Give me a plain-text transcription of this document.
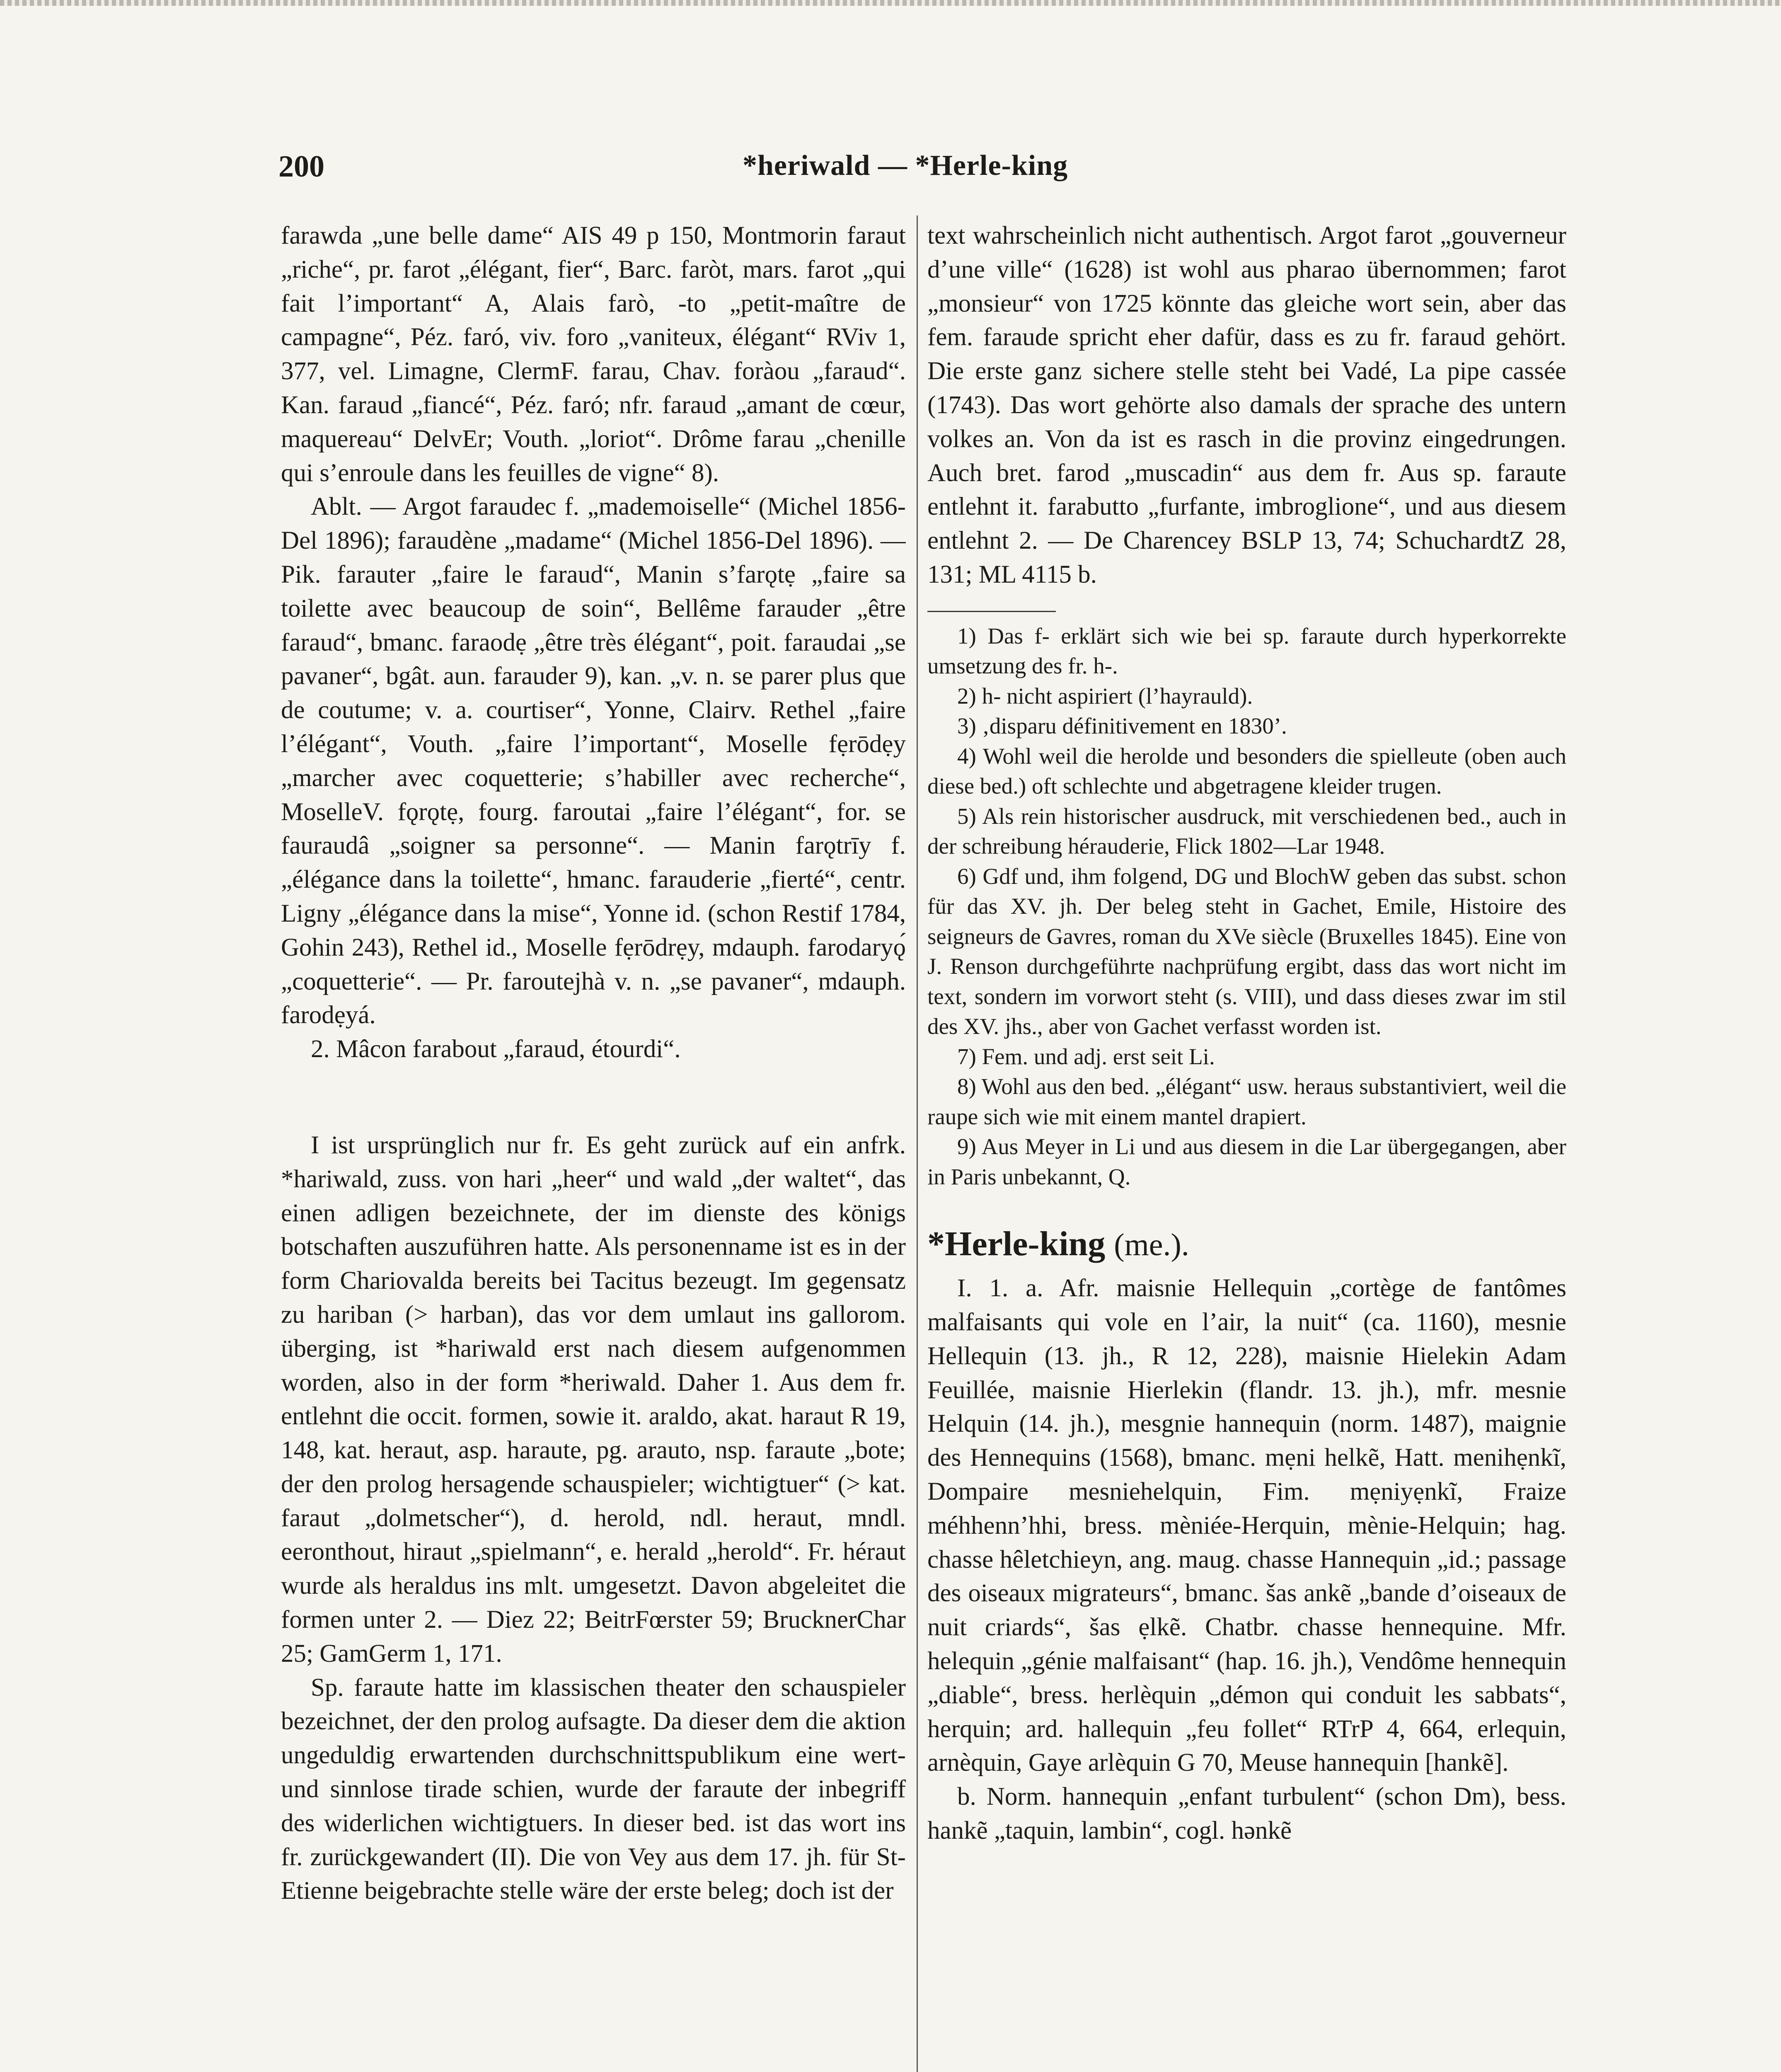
200	*heriwald — *Herle-king

farawda „une belle dame“ AIS 49 p 150, Montmorin faraut „riche“, pr. farot „élégant, fier“, Barc. faròt, mars. farot „qui fait l’important“ A, Alais farò, -to „petit-maître de campagne“, Péz. faró, viv. foro „vaniteux, élégant“ RViv 1, 377, vel. Limagne, ClermF. farau, Chav. foràou „faraud“. Kan. faraud „fiancé“, Péz. faró; nfr. faraud „amant de cœur, maquereau“ DelvEr; Vouth. „loriot“. Drôme farau „chenille qui s’enroule dans les feuilles de vigne“ 8).

Ablt. — Argot faraudec f. „mademoiselle“ (Michel 1856-Del 1896); faraudène „madame“ (Michel 1856-Del 1896). — Pik. farauter „faire le faraud“, Manin s’farǫtẹ „faire sa toilette avec beaucoup de soin“, Bellême farauder „être faraud“, bmanc. faraodẹ „être très élégant“, poit. faraudai „se pavaner“, bgât. aun. farauder 9), kan. „v. n. se parer plus que de coutume; v. a. courtiser“, Yonne, Clairv. Rethel „faire l’élégant“, Vouth. „faire l’important“, Moselle fẹrōdẹy „marcher avec coquetterie; s’habiller avec recherche“, MoselleV. fǫrǫtẹ, fourg. faroutai „faire l’élégant“, for. se fauraudâ „soigner sa personne“. — Manin farǫtrīy f. „élégance dans la toilette“, hmanc. farauderie „fierté“, centr. Ligny „élégance dans la mise“, Yonne id. (schon Restif 1784, Gohin 243), Rethel id., Moselle fẹrōdrẹy, mdauph. farodaryǫ́ „coquetterie“. — Pr. faroutejhà v. n. „se pavaner“, mdauph. farodẹyá.

2. Mâcon farabout „faraud, étourdi“.

I ist ursprünglich nur fr. Es geht zurück auf ein anfrk. *hariwald, zuss. von hari „heer“ und wald „der waltet“, das einen adligen bezeichnete, der im dienste des königs botschaften auszuführen hatte. Als personenname ist es in der form Chariovalda bereits bei Tacitus bezeugt. Im gegensatz zu hariban (> harban), das vor dem umlaut ins gallorom. überging, ist *hariwald erst nach diesem aufgenommen worden, also in der form *heriwald. Daher 1. Aus dem fr. entlehnt die occit. formen, sowie it. araldo, akat. haraut R 19, 148, kat. heraut, asp. haraute, pg. arauto, nsp. faraute „bote; der den prolog hersagende schauspieler; wichtigtuer“ (> kat. faraut „dolmetscher“), d. herold, ndl. heraut, mndl. eeronthout, hiraut „spielmann“, e. herald „herold“. Fr. héraut wurde als heraldus ins mlt. umgesetzt. Davon abgeleitet die formen unter 2. — Diez 22; BeitrFœrster 59; BrucknerChar 25; GamGerm 1, 171.

Sp. faraute hatte im klassischen theater den schauspieler bezeichnet, der den prolog aufsagte. Da dieser dem die aktion ungeduldig erwartenden durchschnittspublikum eine wert- und sinnlose tirade schien, wurde der faraute der inbegriff des widerlichen wichtigtuers. In dieser bed. ist das wort ins fr. zurückgewandert (II). Die von Vey aus dem 17. jh. für St-Etienne beigebrachte stelle wäre der erste beleg; doch ist der

text wahrscheinlich nicht authentisch. Argot farot „gouverneur d’une ville“ (1628) ist wohl aus pharao übernommen; farot „monsieur“ von 1725 könnte das gleiche wort sein, aber das fem. faraude spricht eher dafür, dass es zu fr. faraud gehört. Die erste ganz sichere stelle steht bei Vadé, La pipe cassée (1743). Das wort gehörte also damals der sprache des untern volkes an. Von da ist es rasch in die provinz eingedrungen. Auch bret. farod „muscadin“ aus dem fr. Aus sp. faraute entlehnt it. farabutto „furfante, imbroglione“, und aus diesem entlehnt 2. — De Charencey BSLP 13, 74; SchuchardtZ 28, 131; ML 4115 b.

1) Das f- erklärt sich wie bei sp. faraute durch hyperkorrekte umsetzung des fr. h-.

2) h- nicht aspiriert (l’hayrauld).

3) ‚disparu définitivement en 1830’.

4) Wohl weil die herolde und besonders die spielleute (oben auch diese bed.) oft schlechte und abgetragene kleider trugen.

5) Als rein historischer ausdruck, mit verschiedenen bed., auch in der schreibung hérauderie, Flick 1802—Lar 1948.

6) Gdf und, ihm folgend, DG und BlochW geben das subst. schon für das XV. jh. Der beleg steht in Gachet, Emile, Histoire des seigneurs de Gavres, roman du XVe siècle (Bruxelles 1845). Eine von J. Renson durchgeführte nachprüfung ergibt, dass das wort nicht im text, sondern im vorwort steht (s. VIII), und dass dieses zwar im stil des XV. jhs., aber von Gachet verfasst worden ist.

7) Fem. und adj. erst seit Li.

8) Wohl aus den bed. „élégant“ usw. heraus substantiviert, weil die raupe sich wie mit einem mantel drapiert.

9) Aus Meyer in Li und aus diesem in die Lar übergegangen, aber in Paris unbekannt, Q.

*Herle-king (me.).

I. 1. a. Afr. maisnie Hellequin „cortège de fantômes malfaisants qui vole en l’air, la nuit“ (ca. 1160), mesnie Hellequin (13. jh., R 12, 228), maisnie Hielekin Adam Feuillée, maisnie Hierlekin (flandr. 13. jh.), mfr. mesnie Helquin (14. jh.), mesgnie hannequin (norm. 1487), maignie des Hennequins (1568), bmanc. mẹni helkẽ, Hatt. menihẹnkĩ, Dompaire mesniehelquin, Fim. mẹniyẹnkĩ, Fraize méhhenn’hhi, bress. mèniée-Herquin, mènie-Helquin; hag. chasse hêletchieyn, ang. maug. chasse Hannequin „id.; passage des oiseaux migrateurs“, bmanc. šas ankẽ „bande d’oiseaux de nuit criards“, šas ẹlkẽ. Chatbr. chasse hennequine. Mfr. helequin „génie malfaisant“ (hap. 16. jh.), Vendôme hennequin „diable“, bress. herlèquin „démon qui conduit les sabbats“, herquin; ard. hallequin „feu follet“ RTrP 4, 664, erlequin, arnèquin, Gaye arlèquin G 70, Meuse hannequin [hankẽ].

b. Norm. hannequin „enfant turbulent“ (schon Dm), bess. hankẽ „taquin, lambin“, cogl. hənkẽ
